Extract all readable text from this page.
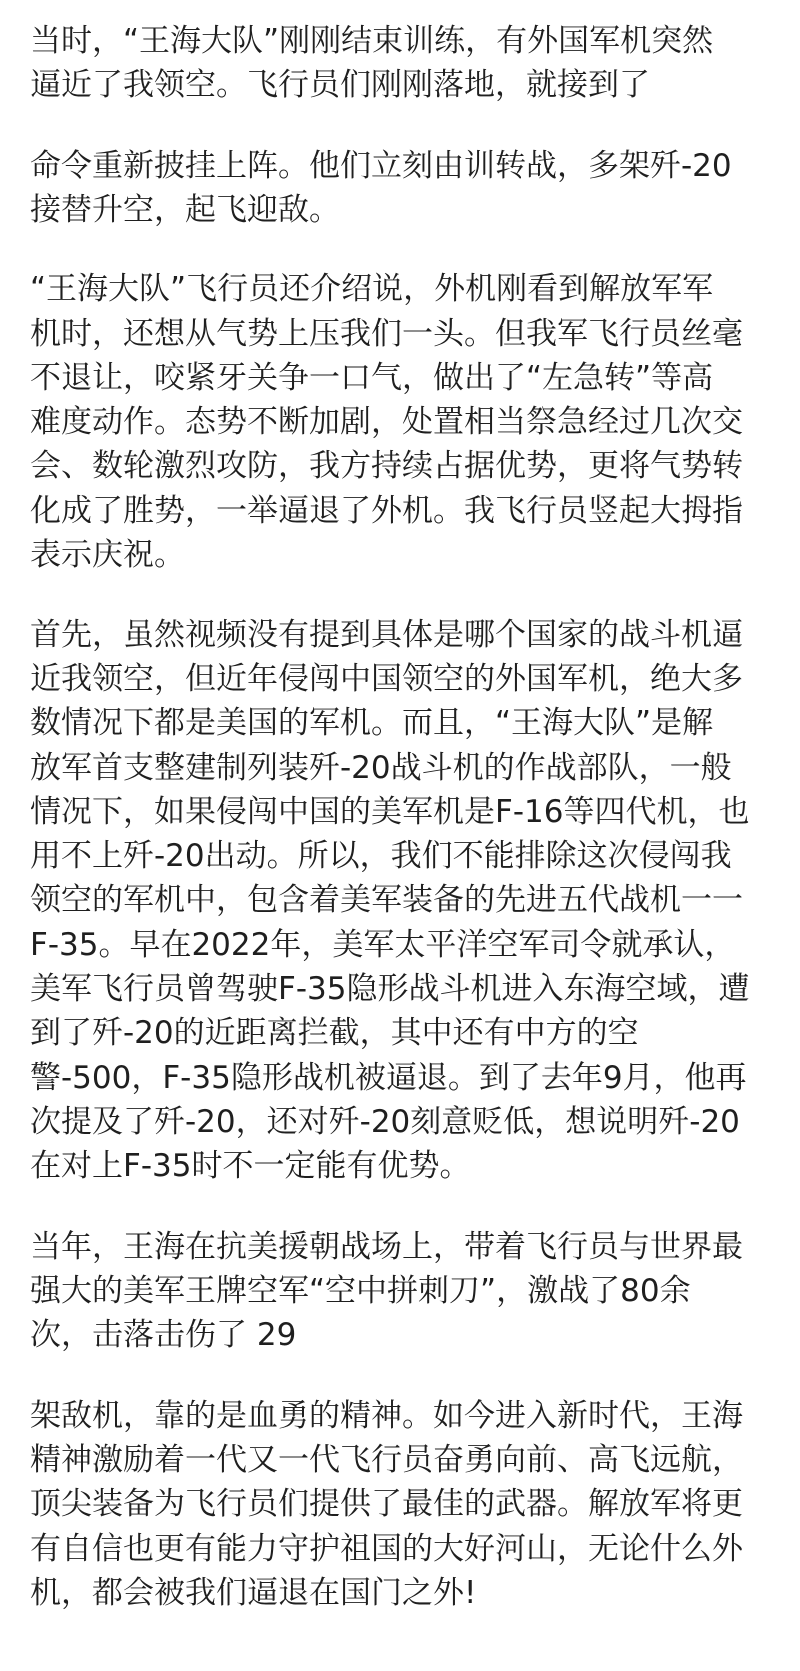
当时，“王海大队”刚刚结束训练，有外国军机突然
逼近了我领空。飞行员们刚刚落地，就接到了
命令重新披挂上阵。他们立刻由训转战，多架歼-20
接替升空，起飞迎敌。
“王海大队”飞行员还介绍说，外机刚看到解放军军
机时，还想从气势上压我们一头。但我军飞行员丝毫
不退让，咬紧牙关争一口气，做出了“左急转”等高
难度动作。态势不断加剧，处置相当祭急经过几次交
会、数轮激烈攻防，我方持续占据优势，更将气势转
化成了胜势，一举逼退了外机。我飞行员竖起大拇指
表示庆祝。
首先，虽然视频没有提到具体是哪个国家的战斗机逼
近我领空，但近年侵闯中国领空的外国军机，绝大多
数情况下都是美国的军机。而且，“王海大队”是解
放军首支整建制列装歼-20战斗机的作战部队，一般
情况下，如果侵闯中国的美军机是F-16等四代机，也
用不上歼-20出动。所以，我们不能排除这次侵闯我
领空的军机中，包含着美军装备的先进五代战机一一
F-35。早在2022年，美军太平洋空军司令就承认，
美军飞行员曾驾驶F-35隐形战斗机进入东海空域，遭
到了歼-20的近距离拦截，其中还有中方的空
警-500，F-35隐形战机被逼退。到了去年9月，他再
次提及了歼-20，还对歼-20刻意贬低，想说明歼-20
在对上F-35时不一定能有优势。
当年，王海在抗美援朝战场上，带着飞行员与世界最
强大的美军王牌空军“空中拼刺刀”，激战了80余
次，击落击伤了 29
架敌机，靠的是血勇的精神。如今进入新时代，王海
精神激励着一代又一代飞行员奋勇向前、高飞远航，
顶尖装备为飞行员们提供了最佳的武器。解放军将更
有自信也更有能力守护祖国的大好河山，无论什么外
机，都会被我们逼退在国门之外!
